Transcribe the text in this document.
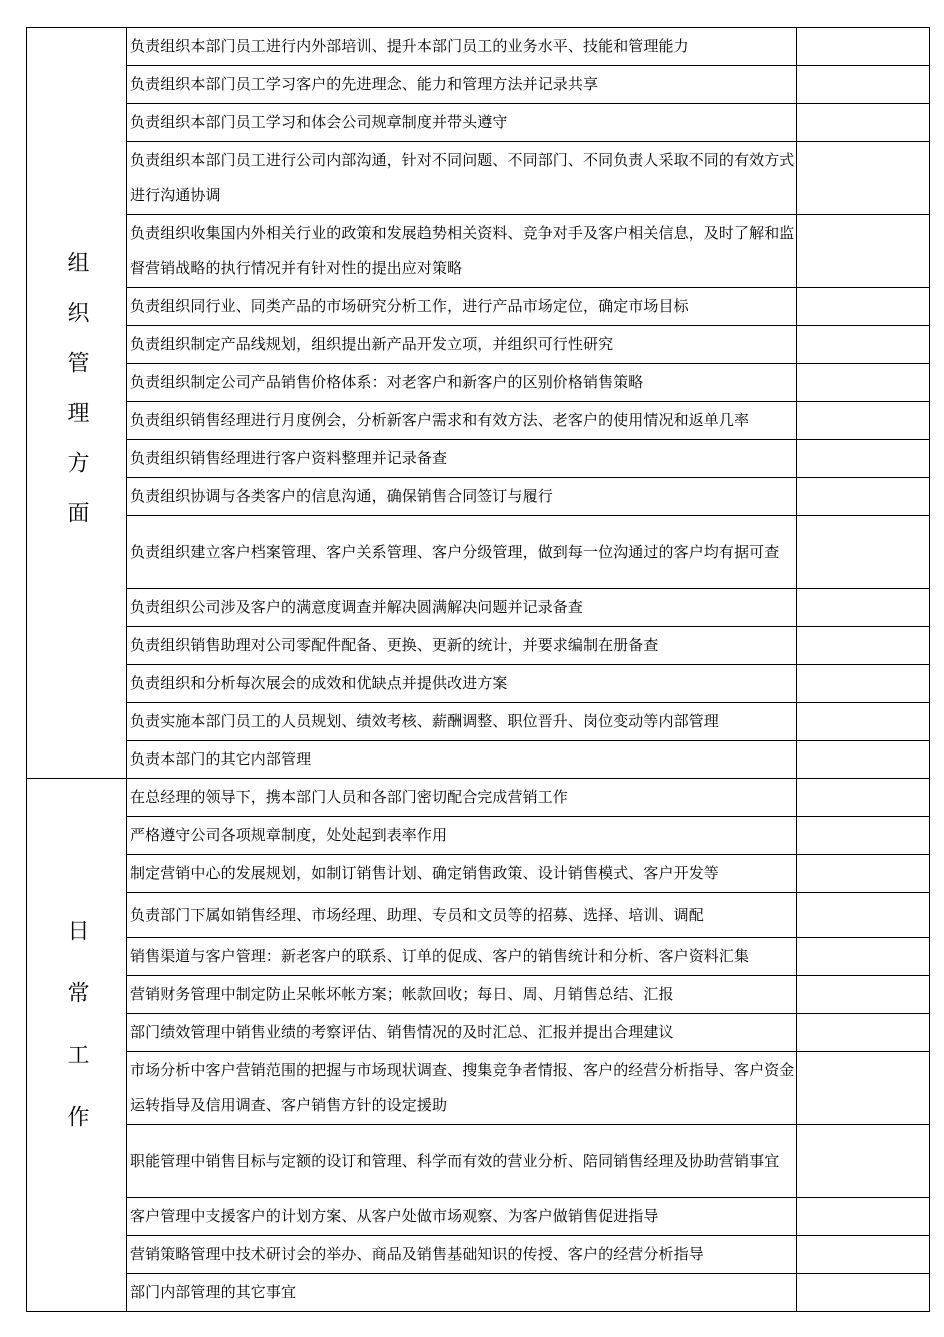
组织管理方面	负责组织本部门员工进行内外部培训、提升本部门员工的业务水平、技能和管理能力	
	负责组织本部门员工学习客户的先进理念、能力和管理方法并记录共享	
	负责组织本部门员工学习和体会公司规章制度并带头遵守	
	负责组织本部门员工进行公司内部沟通，针对不同问题、不同部门、不同负责人采取不同的有效方式进行沟通协调	
	负责组织收集国内外相关行业的政策和发展趋势相关资料、竞争对手及客户相关信息，及时了解和监督营销战略的执行情况并有针对性的提出应对策略	
	负责组织同行业、同类产品的市场研究分析工作，进行产品市场定位，确定市场目标	
	负责组织制定产品线规划，组织提出新产品开发立项，并组织可行性研究	
	负责组织制定公司产品销售价格体系：对老客户和新客户的区别价格销售策略	
	负责组织销售经理进行月度例会，分析新客户需求和有效方法、老客户的使用情况和返单几率	
	负责组织销售经理进行客户资料整理并记录备查	
	负责组织协调与各类客户的信息沟通，确保销售合同签订与履行	
	负责组织建立客户档案管理、客户关系管理、客户分级管理，做到每一位沟通过的客户均有据可查	
	负责组织公司涉及客户的满意度调查并解决圆满解决问题并记录备查	
	负责组织销售助理对公司零配件配备、更换、更新的统计，并要求编制在册备查	
	负责组织和分析每次展会的成效和优缺点并提供改进方案	
	负责实施本部门员工的人员规划、绩效考核、薪酬调整、职位晋升、岗位变动等内部管理	
	负责本部门的其它内部管理	
日常工作	在总经理的领导下，携本部门人员和各部门密切配合完成营销工作	
	严格遵守公司各项规章制度，处处起到表率作用	
	制定营销中心的发展规划，如制订销售计划、确定销售政策、设计销售模式、客户开发等	
	负责部门下属如销售经理、市场经理、助理、专员和文员等的招募、选择、培训、调配	
	销售渠道与客户管理：新老客户的联系、订单的促成、客户的销售统计和分析、客户资料汇集	
	营销财务管理中制定防止呆帐坏帐方案；帐款回收；每日、周、月销售总结、汇报	
	部门绩效管理中销售业绩的考察评估、销售情况的及时汇总、汇报并提出合理建议	
	市场分析中客户营销范围的把握与市场现状调查、搜集竞争者情报、客户的经营分析指导、客户资金运转指导及信用调查、客户销售方针的设定援助	
	职能管理中销售目标与定额的设订和管理、科学而有效的营业分析、陪同销售经理及协助营销事宜	
	客户管理中支援客户的计划方案、从客户处做市场观察、为客户做销售促进指导	
	营销策略管理中技术研讨会的举办、商品及销售基础知识的传授、客户的经营分析指导	
	部门内部管理的其它事宜	
